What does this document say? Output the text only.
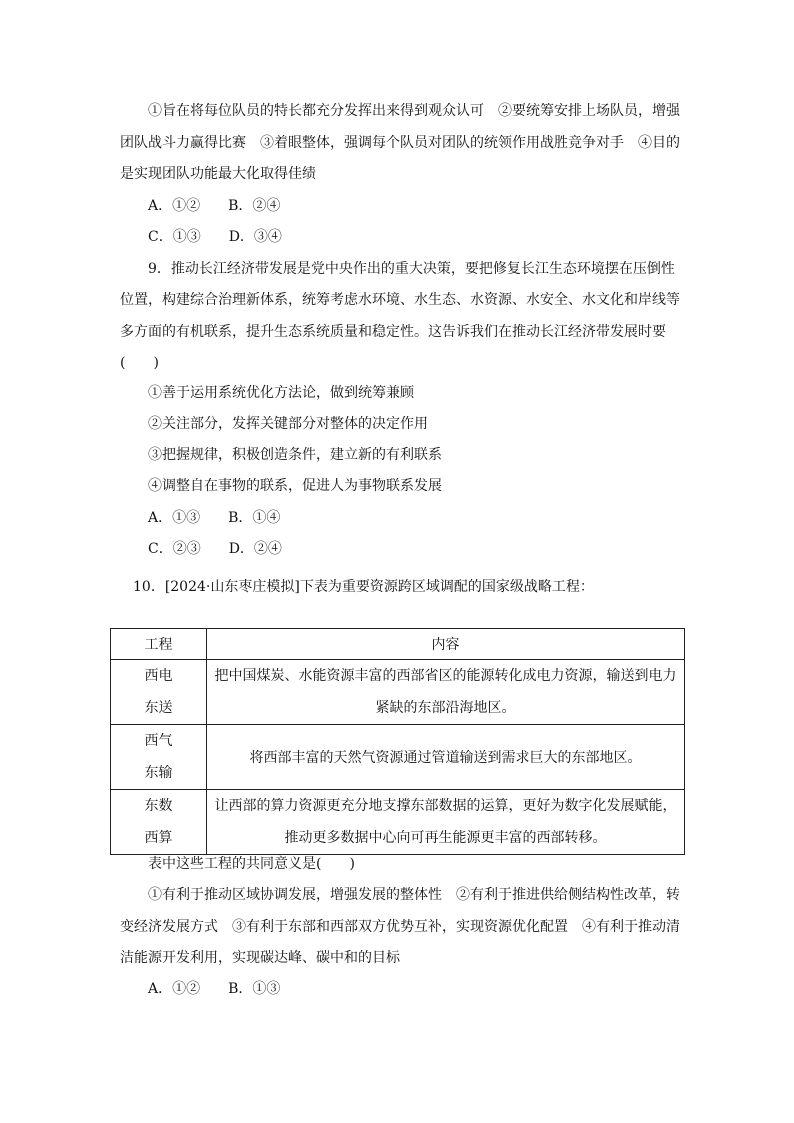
①旨在将每位队员的特长都充分发挥出来得到观众认可　②要统筹安排上场队员，增强
团队战斗力赢得比赛　③着眼整体，强调每个队员对团队的统领作用战胜竞争对手　④目的
是实现团队功能最大化取得佳绩
A．①②　　B．②④
C．①③　　D．③④
9．推动长江经济带发展是党中央作出的重大决策，要把修复长江生态环境摆在压倒性
位置，构建综合治理新体系，统筹考虑水环境、水生态、水资源、水安全、水文化和岸线等
多方面的有机联系，提升生态系统质量和稳定性。这告诉我们在推动长江经济带发展时要
(　　)
①善于运用系统优化方法论，做到统筹兼顾
②关注部分，发挥关键部分对整体的决定作用
③把握规律，积极创造条件，建立新的有利联系
④调整自在事物的联系，促进人为事物联系发展
A．①③　　B．①④
C．②③　　D．②④
10．[2024·山东枣庄模拟]下表为重要资源跨区域调配的国家级战略工程：
工程	内容

西电
东送	把中国煤炭、水能资源丰富的西部省区的能源转化成电力资源，输送到电力
紧缺的东部沿海地区。

西气
东输	将西部丰富的天然气资源通过管道输送到需求巨大的东部地区。

东数
西算	让西部的算力资源更充分地支撑东部数据的运算，更好为数字化发展赋能，
推动更多数据中心向可再生能源更丰富的西部转移。
表中这些工程的共同意义是(　　)
①有利于推动区域协调发展，增强发展的整体性　②有利于推进供给侧结构性改革，转
变经济发展方式　③有利于东部和西部双方优势互补，实现资源优化配置　④有利于推动清
洁能源开发利用，实现碳达峰、碳中和的目标
A．①②　　B．①③
